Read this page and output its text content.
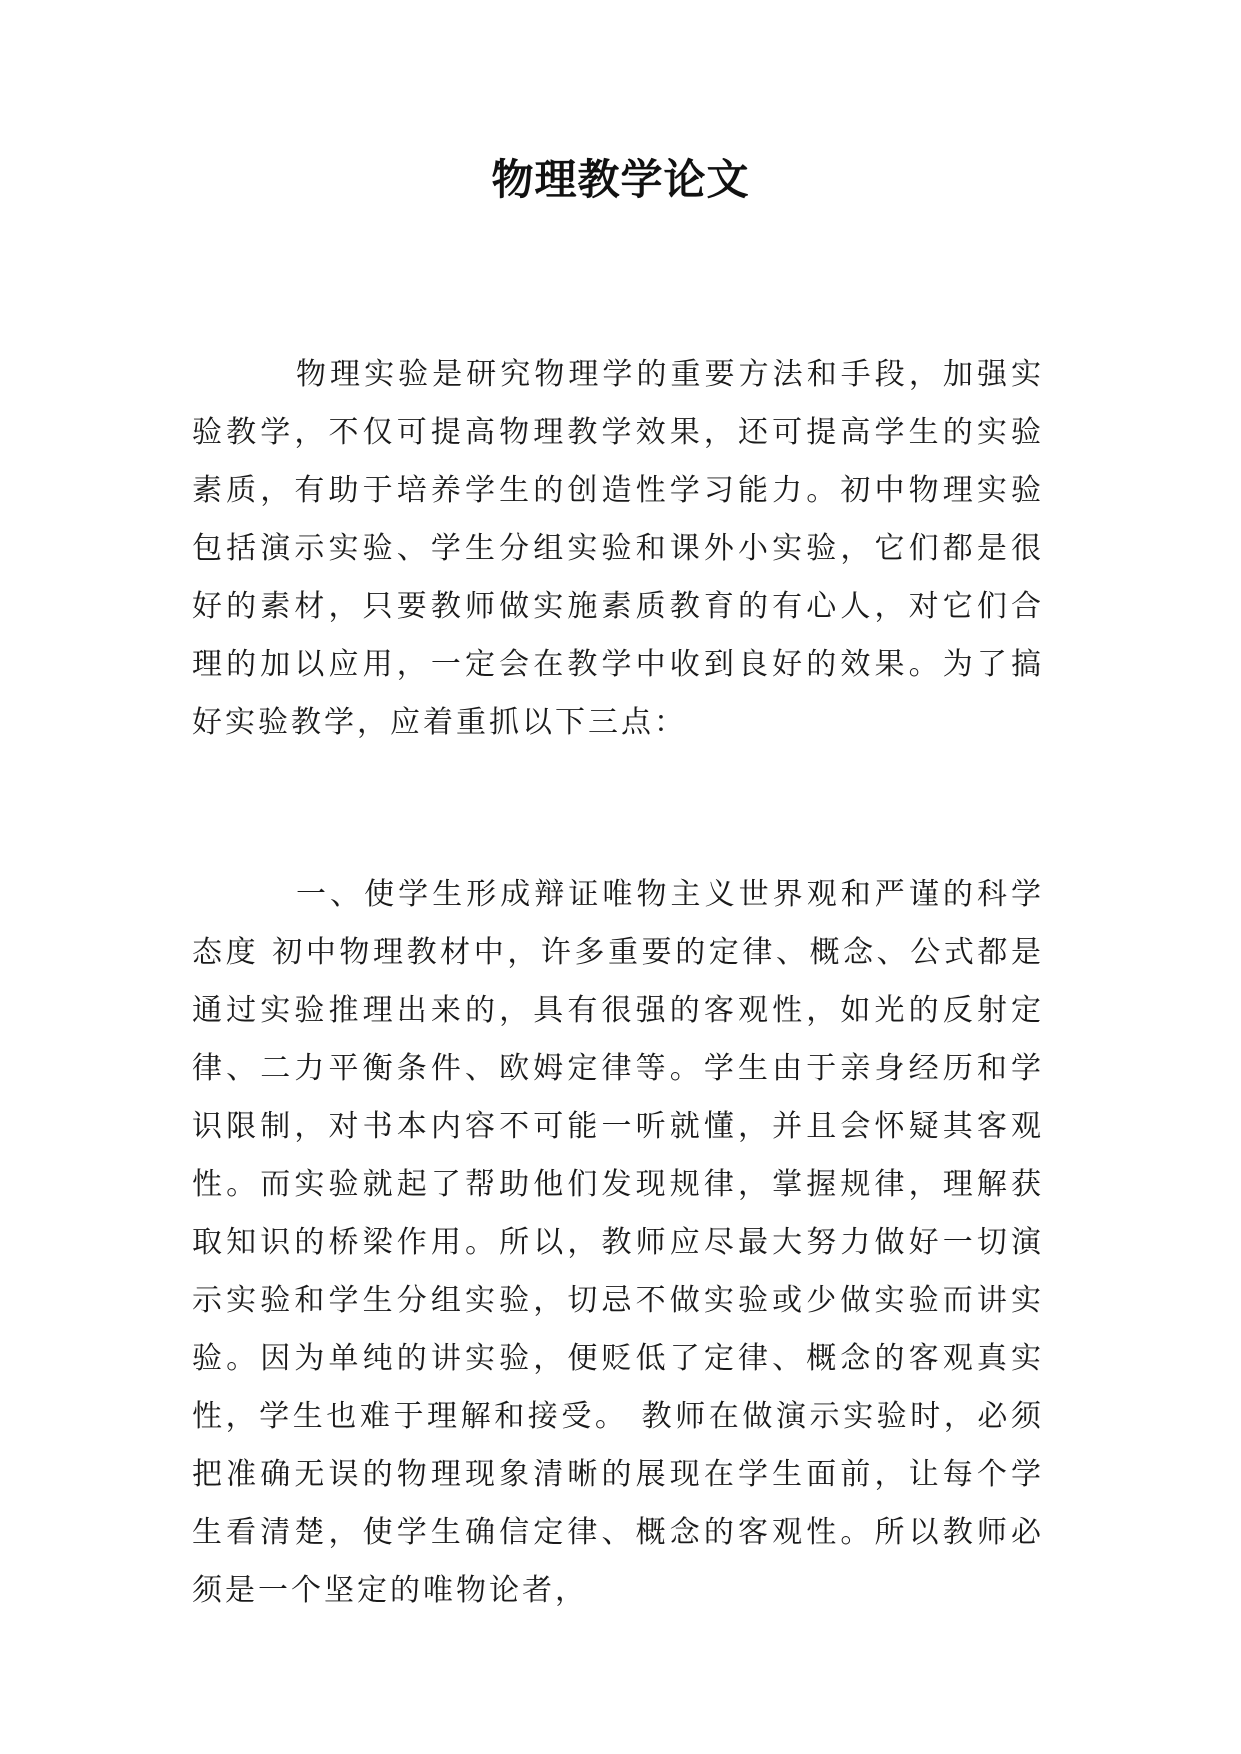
物理教学论文

物理实验是研究物理学的重要方法和手段，加强实验教学，不仅可提高物理教学效果，还可提高学生的实验素质，有助于培养学生的创造性学习能力。初中物理实验包括演示实验、学生分组实验和课外小实验，它们都是很好的素材，只要教师做实施素质教育的有心人，对它们合理的加以应用，一定会在教学中收到良好的效果。为了搞好实验教学，应着重抓以下三点：

一、使学生形成辩证唯物主义世界观和严谨的科学态度 初中物理教材中，许多重要的定律、概念、公式都是通过实验推理出来的，具有很强的客观性，如光的反射定律、二力平衡条件、欧姆定律等。学生由于亲身经历和学识限制，对书本内容不可能一听就懂，并且会怀疑其客观性。而实验就起了帮助他们发现规律，掌握规律，理解获取知识的桥梁作用。所以，教师应尽最大努力做好一切演示实验和学生分组实验，切忌不做实验或少做实验而讲实验。因为单纯的讲实验，便贬低了定律、概念的客观真实性，学生也难于理解和接受。 教师在做演示实验时，必须把准确无误的物理现象清晰的展现在学生面前，让每个学生看清楚，使学生确信定律、概念的客观性。所以教师必须是一个坚定的唯物论者，
